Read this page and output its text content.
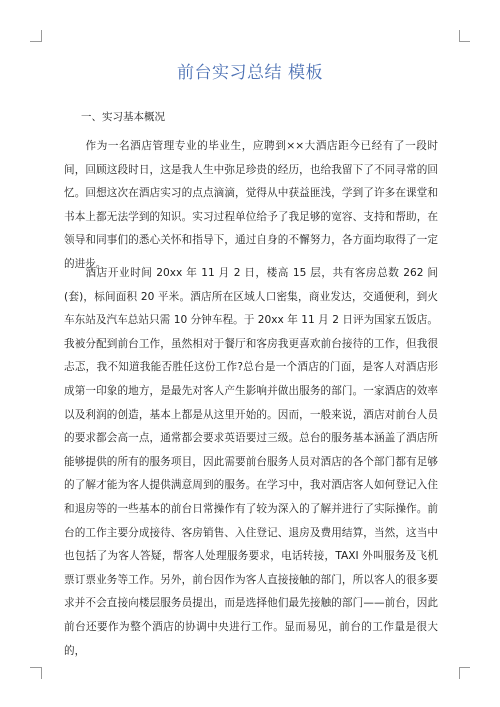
前台实习总结 模板
一、实习基本概况

作为一名酒店管理专业的毕业生，应聘到××大酒店距今已经有了一段时间，回顾这段时日，这是我人生中弥足珍贵的经历，也给我留下了不同寻常的回忆。回想这次在酒店实习的点点滴滴，觉得从中获益匪浅，学到了许多在课堂和书本上都无法学到的知识。实习过程单位给予了我足够的宽容、支持和帮助，在领导和同事们的悉心关怀和指导下，通过自身的不懈努力，各方面均取得了一定的进步。

酒店开业时间 20xx 年 11 月 2 日，楼高 15 层，共有客房总数 262 间(套)，标间面积 20 平米。酒店所在区域人口密集，商业发达，交通便利，到火车东站及汽车总站只需 10 分钟车程。于 20xx 年 11 月 2 日评为国家五饭店。我被分配到前台工作，虽然相对于餐厅和客房我更喜欢前台接待的工作，但我很忐忑，我不知道我能否胜任这份工作?总台是一个酒店的门面，是客人对酒店形成第一印象的地方，是最先对客人产生影响并做出服务的部门。一家酒店的效率以及利润的创造，基本上都是从这里开始的。因而，一般来说，酒店对前台人员的要求都会高一点，通常都会要求英语要过三级。总台的服务基本涵盖了酒店所能够提供的所有的服务项目，因此需要前台服务人员对酒店的各个部门都有足够的了解才能为客人提供满意周到的服务。在学习中，我对酒店客人如何登记入住和退房等的一些基本的前台日常操作有了较为深入的了解并进行了实际操作。前台的工作主要分成接待、客房销售、入住登记、退房及费用结算，当然，这当中也包括了为客人答疑，帮客人处理服务要求，电话转接，TAXI 外叫服务及飞机票订票业务等工作。另外，前台因作为客人直接接触的部门，所以客人的很多要求并不会直接向楼层服务员提出，而是选择他们最先接触的部门——前台，因此前台还要作为整个酒店的协调中央进行工作。显而易见，前台的工作量是很大的，
